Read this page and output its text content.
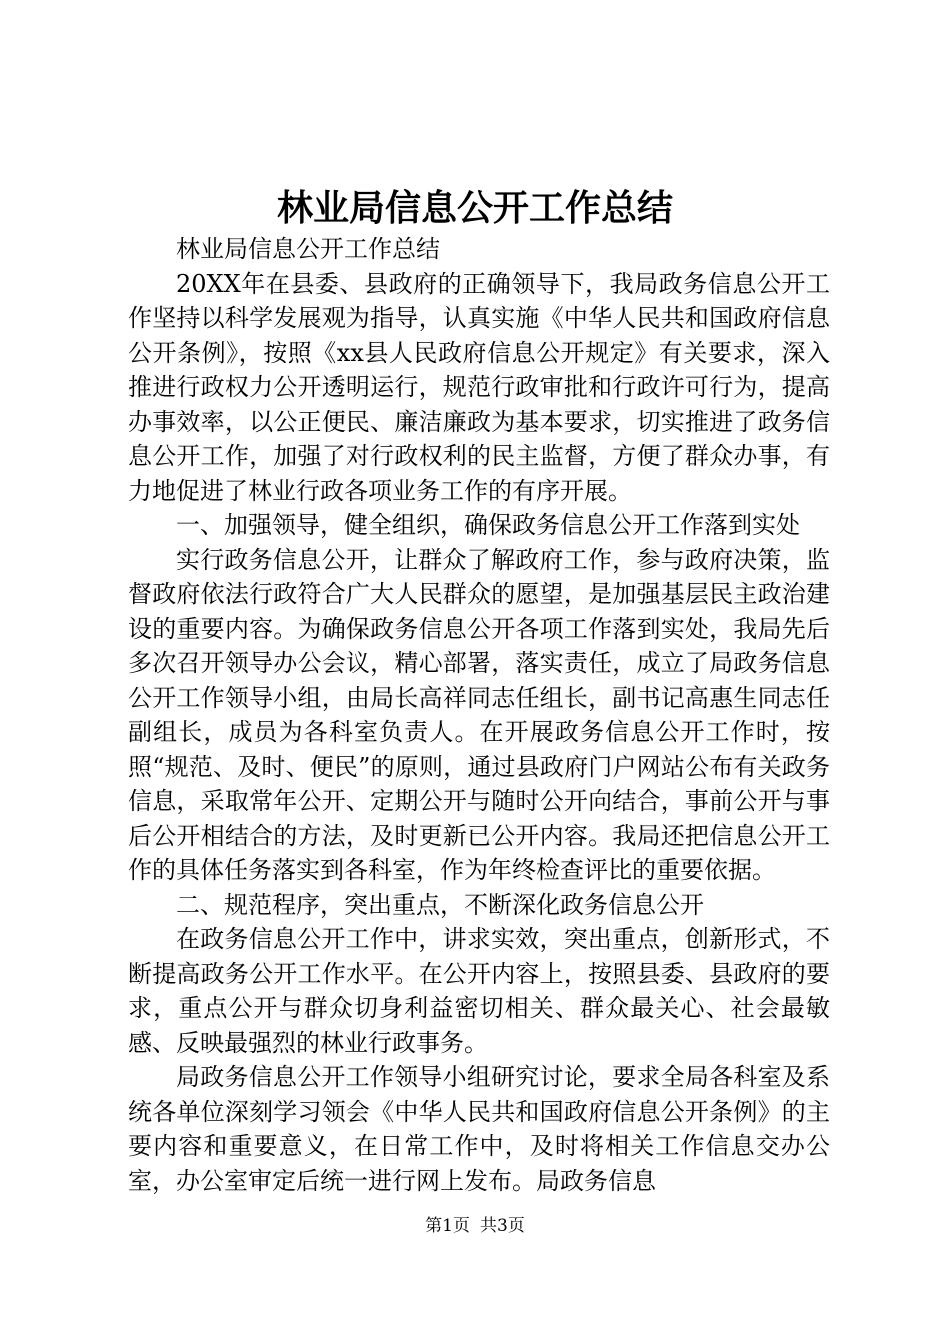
林业局信息公开工作总结

林业局信息公开工作总结

20XX年在县委、县政府的正确领导下，我局政务信息公开工作坚持以科学发展观为指导，认真实施《中华人民共和国政府信息公开条例》，按照《xx县人民政府信息公开规定》有关要求，深入推进行政权力公开透明运行，规范行政审批和行政许可行为，提高办事效率，以公正便民、廉洁廉政为基本要求，切实推进了政务信息公开工作，加强了对行政权利的民主监督，方便了群众办事，有力地促进了林业行政各项业务工作的有序开展。

一、加强领导，健全组织，确保政务信息公开工作落到实处

实行政务信息公开，让群众了解政府工作，参与政府决策，监督政府依法行政符合广大人民群众的愿望，是加强基层民主政治建设的重要内容。为确保政务信息公开各项工作落到实处，我局先后多次召开领导办公会议，精心部署，落实责任，成立了局政务信息公开工作领导小组，由局长高祥同志任组长，副书记高惠生同志任副组长，成员为各科室负责人。在开展政务信息公开工作时，按照“规范、及时、便民”的原则，通过县政府门户网站公布有关政务信息，采取常年公开、定期公开与随时公开向结合，事前公开与事后公开相结合的方法，及时更新已公开内容。我局还把信息公开工作的具体任务落实到各科室，作为年终检查评比的重要依据。

二、规范程序，突出重点，不断深化政务信息公开

在政务信息公开工作中，讲求实效，突出重点，创新形式，不断提高政务公开工作水平。在公开内容上，按照县委、县政府的要求，重点公开与群众切身利益密切相关、群众最关心、社会最敏感、反映最强烈的林业行政事务。

局政务信息公开工作领导小组研究讨论，要求全局各科室及系统各单位深刻学习领会《中华人民共和国政府信息公开条例》的主要内容和重要意义，在日常工作中，及时将相关工作信息交办公室，办公室审定后统一进行网上发布。局政务信息

第1页 共3页
